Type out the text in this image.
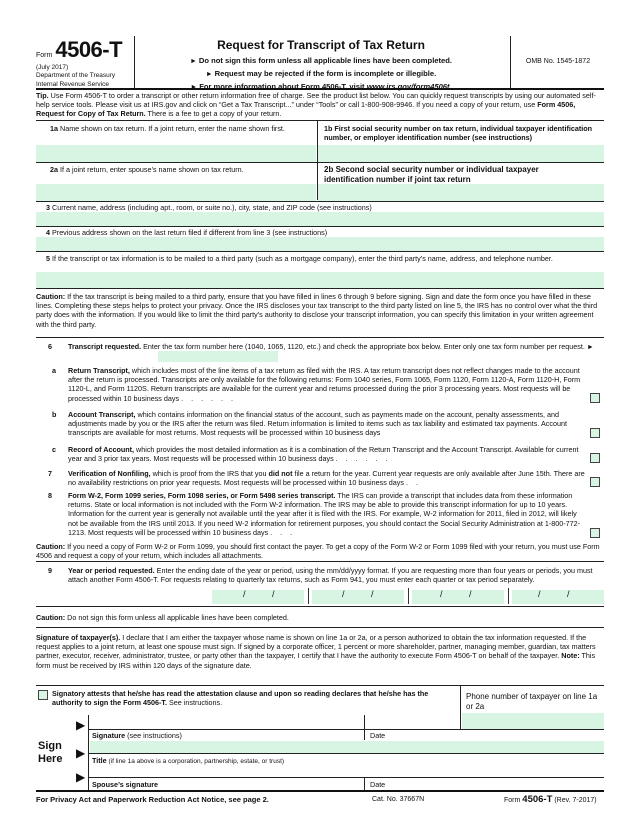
Form 4506-T
(July 2017)
Department of the Treasury
Internal Revenue Service
Request for Transcript of Tax Return
► Do not sign this form unless all applicable lines have been completed.
► Request may be rejected if the form is incomplete or illegible.
► For more information about Form 4506-T, visit www.irs.gov/form4506t.
OMB No. 1545-1872
Tip. Use Form 4506-T to order a transcript or other return information free of charge. See the product list below. You can quickly request transcripts by using our automated self-help service tools. Please visit us at IRS.gov and click on “Get a Tax Transcript...” under “Tools” or call 1-800-908-9946. If you need a copy of your return, use Form 4506, Request for Copy of Tax Return. There is a fee to get a copy of your return.
1a Name shown on tax return. If a joint return, enter the name shown first.	1b First social security number on tax return, individual taxpayer identification number, or employer identification number (see instructions)
2a If a joint return, enter spouse’s name shown on tax return.	2b Second social security number or individual taxpayer identification number if joint tax return
3 Current name, address (including apt., room, or suite no.), city, state, and ZIP code (see instructions)
4 Previous address shown on the last return filed if different from line 3 (see instructions)
5 If the transcript or tax information is to be mailed to a third party (such as a mortgage company), enter the third party’s name, address, and telephone number.
Caution: If the tax transcript is being mailed to a third party, ensure that you have filled in lines 6 through 9 before signing. Sign and date the form once you have filled in these lines. Completing these steps helps to protect your privacy. Once the IRS discloses your tax transcript to the third party listed on line 5, the IRS has no control over what the third party does with the information. If you would like to limit the third party’s authority to disclose your transcript information, you can specify this limitation in your written agreement with the third party.
6 Transcript requested. Enter the tax form number here (1040, 1065, 1120, etc.) and check the appropriate box below. Enter only one tax form number per request. ►
a Return Transcript, which includes most of the line items of a tax return as filed with the IRS. A tax return transcript does not reflect changes made to the account after the return is processed. Transcripts are only available for the following returns: Form 1040 series, Form 1065, Form 1120, Form 1120-A, Form 1120-H, Form 1120-L, and Form 1120S. Return transcripts are available for the current year and returns processed during the prior 3 processing years. Most requests will be processed within 10 business days . . . . . .
b Account Transcript, which contains information on the financial status of the account, such as payments made on the account, penalty assessments, and adjustments made by you or the IRS after the return was filed. Return information is limited to items such as tax liability and estimated tax payments. Account transcripts are available for most returns. Most requests will be processed within 10 business days
c Record of Account, which provides the most detailed information as it is a combination of the Return Transcript and the Account Transcript. Available for current year and 3 prior tax years. Most requests will be processed within 10 business days . . . . . .
7 Verification of Nonfiling, which is proof from the IRS that you did not file a return for the year. Current year requests are only available after June 15th. There are no availability restrictions on prior year requests. Most requests will be processed within 10 business days . .
8 Form W-2, Form 1099 series, Form 1098 series, or Form 5498 series transcript. The IRS can provide a transcript that includes data from these information returns. State or local information is not included with the Form W-2 information. The IRS may be able to provide this transcript information for up to 10 years. Information for the current year is generally not available until the year after it is filed with the IRS. For example, W-2 information for 2011, filed in 2012, will likely not be available from the IRS until 2013. If you need W-2 information for retirement purposes, you should contact the Social Security Administration at 1-800-772-1213. Most requests will be processed within 10 business days . . .
Caution: If you need a copy of Form W-2 or Form 1099, you should first contact the payer. To get a copy of the Form W-2 or Form 1099 filed with your return, you must use Form 4506 and request a copy of your return, which includes all attachments.
9 Year or period requested. Enter the ending date of the year or period, using the mm/dd/yyyy format. If you are requesting more than four years or periods, you must attach another Form 4506-T. For requests relating to quarterly tax returns, such as Form 941, you must enter each quarter or tax period separately.
/	/	/	/	/	/	/	/
Caution: Do not sign this form unless all applicable lines have been completed.
Signature of taxpayer(s). I declare that I am either the taxpayer whose name is shown on line 1a or 2a, or a person authorized to obtain the tax information requested. If the request applies to a joint return, at least one spouse must sign. If signed by a corporate officer, 1 percent or more shareholder, partner, managing member, guardian, tax matters partner, executor, receiver, administrator, trustee, or party other than the taxpayer, I certify that I have the authority to execute Form 4506-T on behalf of the taxpayer. Note: This form must be received by IRS within 120 days of the signature date.
Signatory attests that he/she has read the attestation clause and upon so reading declares that he/she has the authority to sign the Form 4506-T. See instructions.
Phone number of taxpayer on line 1a or 2a
Sign
Here
▶
▶
▶
Signature (see instructions)	Date
Title (if line 1a above is a corporation, partnership, estate, or trust)
Spouse’s signature	Date
For Privacy Act and Paperwork Reduction Act Notice, see page 2.	Cat. No. 37667N	Form 4506-T (Rev. 7-2017)
